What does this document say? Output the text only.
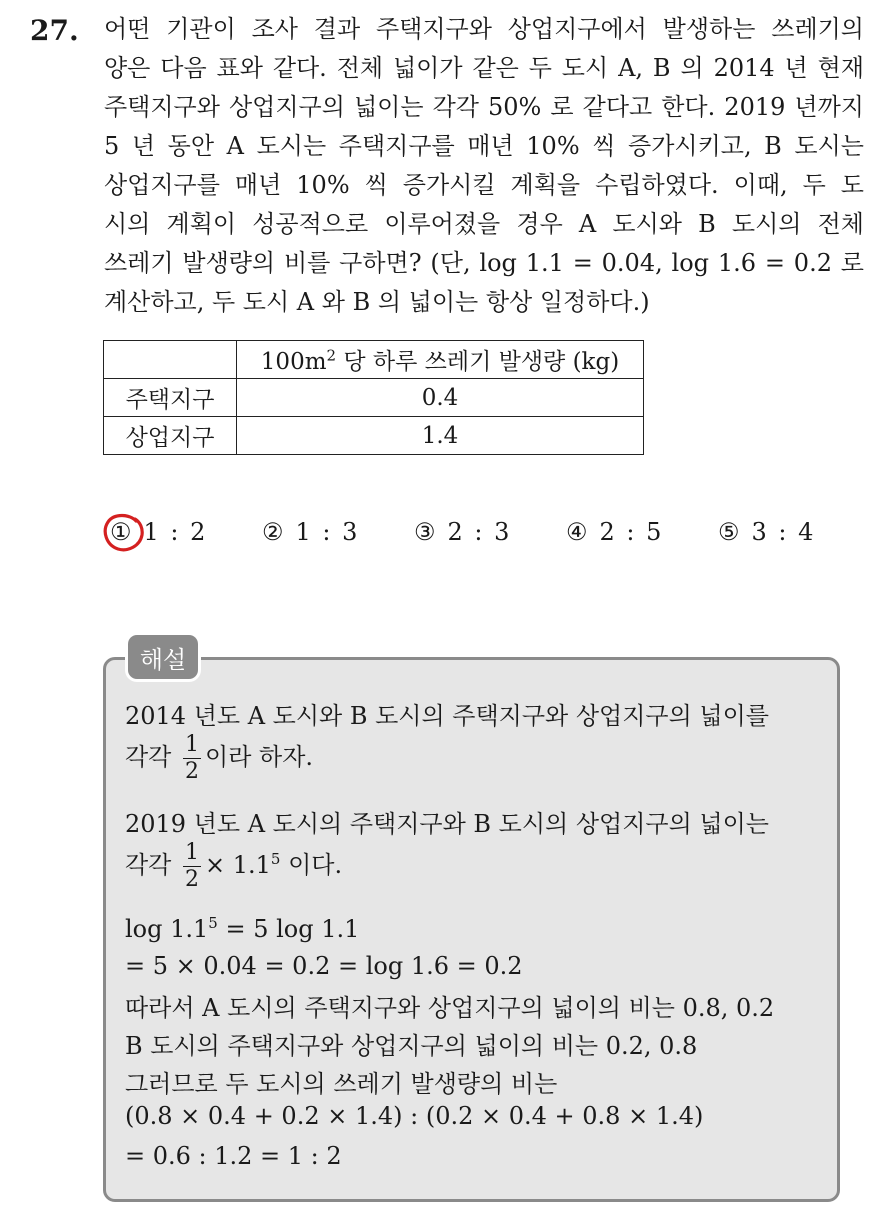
27. 어떤 기관이 조사 결과 주택지구와 상업지구에서 발생하는 쓰레기의
양은 다음 표와 같다. 전체 넓이가 같은 두 도시 A, B 의 2014 년 현재
주택지구와 상업지구의 넓이는 각각 50% 로 같다고 한다. 2019 년까지
5 년 동안 A 도시는 주택지구를 매년 10% 씩 증가시키고, B 도시는
상업지구를 매년 10% 씩 증가시킬 계획을 수립하였다. 이때, 두 도
시의 계획이 성공적으로 이루어졌을 경우 A 도시와 B 도시의 전체
쓰레기 발생량의 비를 구하면? (단, log 1.1 = 0.04, log 1.6 = 0.2 로
계산하고, 두 도시 A 와 B 의 넓이는 항상 일정하다.)
	$100m^2$ 당 하루 쓰레기 발생량 (kg)
주택지구	0.4
상업지구	1.4
① 1 : 2 ② 1 : 3 ③ 2 : 3 ④ 2 : 5 ⑤ 3 : 4
해설
2014 년도 A 도시와 B 도시의 주택지구와 상업지구의 넓이를
각각 $\frac{1}{2}$ 이라 하자.
2019 년도 A 도시의 주택지구와 B 도시의 상업지구의 넓이는
각각 $\frac{1}{2} \times 1.1^5$ 이다.
$\log 1.1^5 = 5$ log 1.1
= 5 × 0.04 = 0.2 = log 1.6 = 0.2
따라서 A 도시의 주택지구와 상업지구의 넓이의 비는 0.8, 0.2
B 도시의 주택지구와 상업지구의 넓이의 비는 0.2, 0.8
그러므로 두 도시의 쓰레기 발생량의 비는
(0.8 × 0.4 + 0.2 × 1.4) : (0.2 × 0.4 + 0.8 × 1.4)
= 0.6 : 1.2 = 1 : 2
